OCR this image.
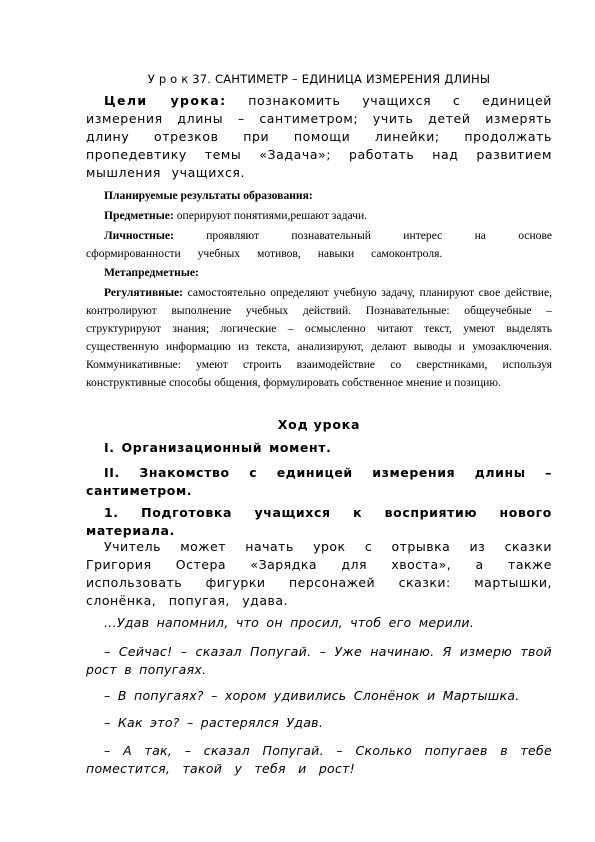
У р о к 37. САНТИМЕТР – ЕДИНИЦА ИЗМЕРЕНИЯ ДЛИНЫ

Цели урока: познакомить учащихся с единицей измерения длины – сантиметром; учить детей измерять длину отрезков при помощи линейки; продолжать пропедевтику темы «Задача»; работать над развитием мышления учащихся.

Планируемые результаты образования:

Предметные: оперируют понятиями,решают задачи.

Личностные: проявляют познавательный интерес на основе сформированности учебных мотивов, навыки самоконтроля.

Метапредметные:

Регулятивные: самостоятельно определяют учебную задачу, планируют свое действие, контролируют выполнение учебных действий. Познавательные: общеучебные – структурируют знания; логические – осмысленно читают текст, умеют выделять существенную информацию из текста, анализируют, делают выводы и умозаключения. Коммуникативные: умеют строить взаимодействие со сверстниками, используя конструктивные способы общения, формулировать собственное мнение и позицию.

Ход урока

I. Организационный момент.

II. Знакомство с единицей измерения длины – сантиметром.

1. Подготовка учащихся к восприятию нового материала.

Учитель может начать урок с отрывка из сказки Григория Остера «Зарядка для хвоста», а также использовать фигурки персонажей сказки: мартышки, слонёнка, попугая, удава.

...Удав напомнил, что он просил, чтоб его мерили.

– Сейчас! – сказал Попугай. – Уже начинаю. Я измерю твой рост в попугаях.

– В попугаях? – хором удивились Слонёнок и Мартышка.

– Как это? – растерялся Удав.

– А так, – сказал Попугай. – Сколько попугаев в тебе поместится, такой у тебя и рост!
